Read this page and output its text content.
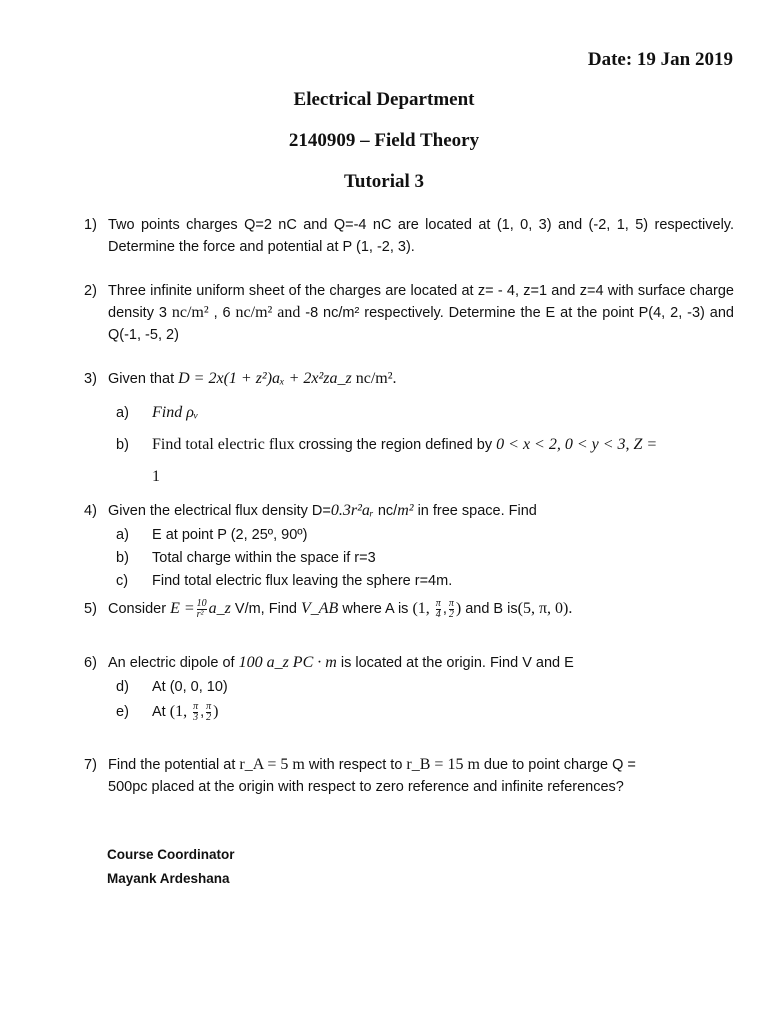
Date: 19 Jan 2019
Electrical Department
2140909 – Field Theory
Tutorial 3
1) Two points charges Q=2 nC and Q=-4 nC are located at (1, 0, 3) and (-2, 1, 5) respectively. Determine the force and potential at P (1, -2, 3).
2) Three infinite uniform sheet of the charges are located at z= - 4, z=1 and z=4 with surface charge density 3 nc/m² , 6 nc/m² and -8 nc/m² respectively. Determine the E at the point P(4, 2, -3) and Q(-1, -5, 2)
3) Given that D = 2x(1 + z²)aₓ + 2x²za_z nc/m².
a) Find ρᵥ
b) Find total electric flux crossing the region defined by 0 < x < 2, 0 < y < 3, Z =
1
4) Given the electrical flux density D=0.3r²aᵣ nc/m² in free space. Find
a) E at point P (2, 25º, 90º)
b) Total charge within the space if r=3
c) Find total electric flux leaving the sphere r=4m.
5) Consider $E = \frac{10}{\text{r²}}$ a_z V/m, Find V_AB where A is (1, $\frac{\pi}{4}$ , $\frac{\pi}{2}$ ) and B is(5, π, 0).
6) An electric dipole of 100 a_z PC · m is located at the origin. Find V and E
d) At (0, 0, 10)
e) At (1, $\frac{\pi}{3}$ , $\frac{\pi}{2}$ )
7) Find the potential at r_A = 5 m with respect to r_B = 15 m due to point charge Q =
500pc placed at the origin with respect to zero reference and infinite references?
Course Coordinator
Mayank Ardeshana
